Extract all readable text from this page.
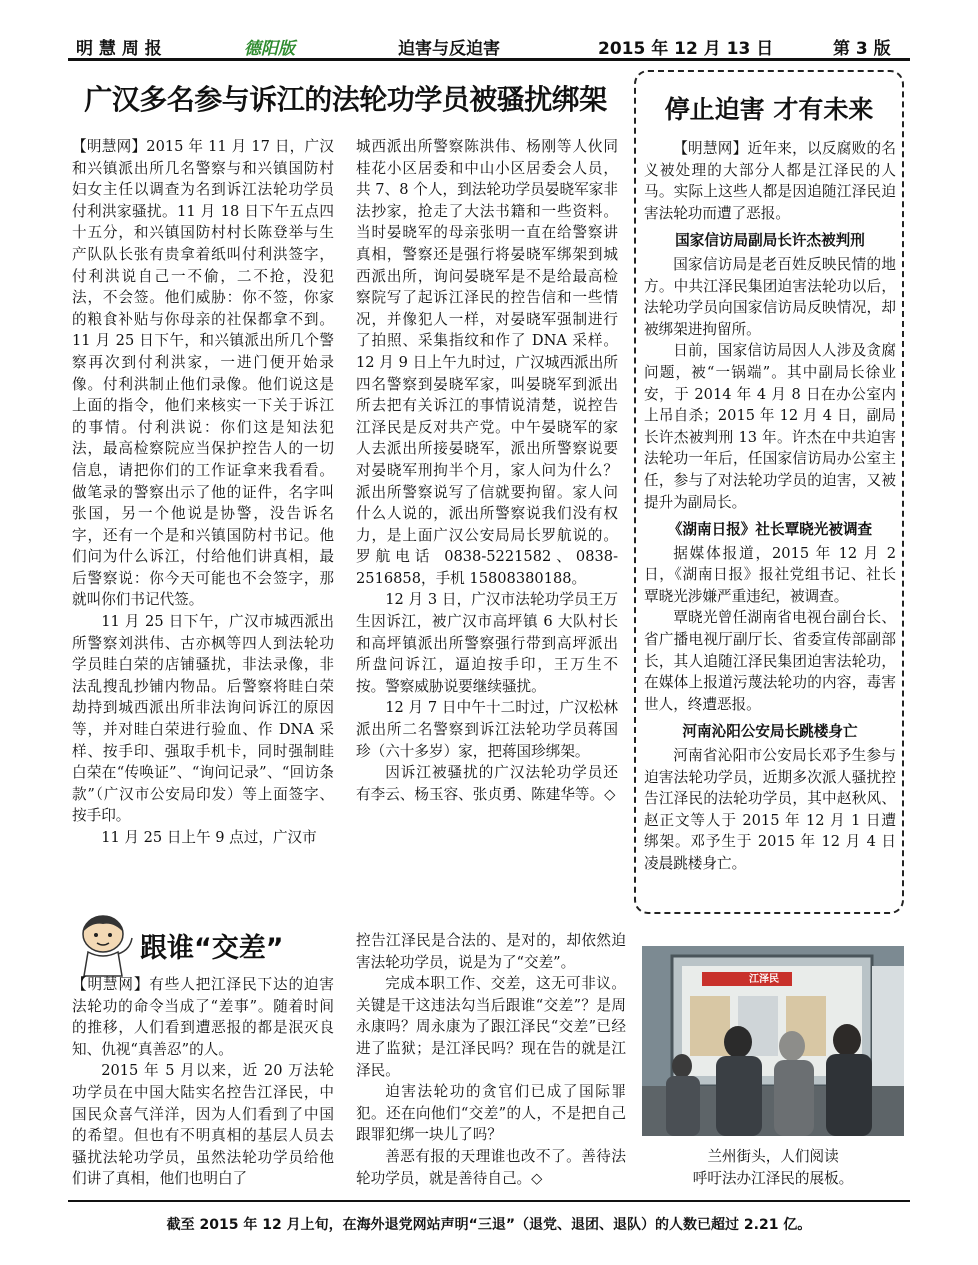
明 慧 周 报	德阳版	迫害与反迫害	2015 年 12 月 13 日	第 3 版
广汉多名参与诉江的法轮功学员被骚扰绑架

【明慧网】2015 年 11 月 17 日，广汉和兴镇派出所几名警察与和兴镇国防村妇女主任以调查为名到诉江法轮功学员付利洪家骚扰。11 月 18 日下午五点四十五分，和兴镇国防村村长陈登举与生产队队长张有贵拿着纸叫付利洪签字，付利洪说自己一不偷，二不抢，没犯法，不会签。他们威胁：你不签，你家的粮食补贴与你母亲的社保都拿不到。11 月 25 日下午，和兴镇派出所几个警察再次到付利洪家，一进门便开始录像。付利洪制止他们录像。他们说这是上面的指令，他们来核实一下关于诉江的事情。付利洪说：你们这是知法犯法，最高检察院应当保护控告人的一切信息，请把你们的工作证拿来我看看。做笔录的警察出示了他的证件，名字叫张国，另一个他说是协警，没告诉名字，还有一个是和兴镇国防村书记。他们问为什么诉江，付给他们讲真相，最后警察说：你今天可能也不会签字，那就叫你们书记代签。

11 月 25 日下午，广汉市城西派出所警察刘洪伟、古亦枫等四人到法轮功学员眭白荣的店铺骚扰，非法录像，非法乱搜乱抄铺内物品。后警察将眭白荣劫持到城西派出所非法询问诉江的原因等，并对眭白荣进行验血、作 DNA 采样、按手印、强取手机卡，同时强制眭白荣在“传唤证”、“询问记录”、“回访条款”（广汉市公安局印发）等上面签字、按手印。

11 月 25 日上午 9 点过，广汉市

城西派出所警察陈洪伟、杨刚等人伙同桂花小区居委和中山小区居委会人员，共 7、8 个人，到法轮功学员晏晓军家非法抄家，抢走了大法书籍和一些资料。当时晏晓军的母亲张明一直在给警察讲真相，警察还是强行将晏晓军绑架到城西派出所，询问晏晓军是不是给最高检察院写了起诉江泽民的控告信和一些情况，并像犯人一样，对晏晓军强制进行了拍照、采集指纹和作了 DNA 采样。12 月 9 日上午九时过，广汉城西派出所四名警察到晏晓军家，叫晏晓军到派出所去把有关诉江的事情说清楚，说控告江泽民是反对共产党。中午晏晓军的家人去派出所接晏晓军，派出所警察说要对晏晓军刑拘半个月，家人问为什么？派出所警察说写了信就要拘留。家人问什么人说的，派出所警察说我们没有权力，是上面广汉公安局局长罗航说的。罗航电话 0838-5221582、0838-2516858，手机 15808380188。

12 月 3 日，广汉市法轮功学员王万生因诉江，被广汉市高坪镇 6 大队村长和高坪镇派出所警察强行带到高坪派出所盘问诉江，逼迫按手印，王万生不按。警察威胁说要继续骚扰。

12 月 7 日中午十二时过，广汉松林派出所二名警察到诉江法轮功学员蒋国珍（六十多岁）家，把蒋国珍绑架。

因诉江被骚扰的广汉法轮功学员还有李云、杨玉容、张贞勇、陈建华等。◇

停止迫害 才有未来

【明慧网】近年来，以反腐败的名义被处理的大部分人都是江泽民的人马。实际上这些人都是因追随江泽民迫害法轮功而遭了恶报。

国家信访局副局长许杰被判刑

国家信访局是老百姓反映民情的地方。中共江泽民集团迫害法轮功以后，法轮功学员向国家信访局反映情况，却被绑架进拘留所。

日前，国家信访局因人人涉及贪腐问题，被“一锅端”。其中副局长徐业安，于 2014 年 4 月 8 日在办公室内上吊自杀；2015 年 12 月 4 日，副局长许杰被判刑 13 年。许杰在中共迫害法轮功一年后，任国家信访局办公室主任，参与了对法轮功学员的迫害，又被提升为副局长。

《湖南日报》社长覃晓光被调查

据媒体报道，2015 年 12 月 2 日，《湖南日报》报社党组书记、社长覃晓光涉嫌严重违纪，被调查。

覃晓光曾任湖南省电视台副台长、省广播电视厅副厅长、省委宣传部副部长，其人追随江泽民集团迫害法轮功，在媒体上报道污蔑法轮功的内容，毒害世人，终遭恶报。

河南沁阳公安局长跳楼身亡

河南省沁阳市公安局长邓予生参与迫害法轮功学员，近期多次派人骚扰控告江泽民的法轮功学员，其中赵秋风、赵正文等人于 2015 年 12 月 1 日遭绑架。邓予生于 2015 年 12 月 4 日凌晨跳楼身亡。

跟谁“交差”

【明慧网】有些人把江泽民下达的迫害法轮功的命令当成了“差事”。随着时间的推移，人们看到遭恶报的都是泯灭良知、仇视“真善忍”的人。

2015 年 5 月以来，近 20 万法轮功学员在中国大陆实名控告江泽民，中国民众喜气洋洋，因为人们看到了中国的希望。但也有不明真相的基层人员去骚扰法轮功学员，虽然法轮功学员给他们讲了真相，他们也明白了

控告江泽民是合法的、是对的，却依然迫害法轮功学员，说是为了“交差”。

完成本职工作、交差，这无可非议。关键是干这违法勾当后跟谁“交差”？是周永康吗？周永康为了跟江泽民“交差”已经进了监狱；是江泽民吗？现在告的就是江泽民。

迫害法轮功的贪官们已成了国际罪犯。还在向他们“交差”的人，不是把自己跟罪犯绑一块儿了吗？

善恶有报的天理谁也改不了。善待法轮功学员，就是善待自己。◇

江泽民
兰州街头，人们阅读
呼吁法办江泽民的展板。
截至 2015 年 12 月上旬，在海外退党网站声明“三退”（退党、退团、退队）的人数已超过 2.21 亿。
